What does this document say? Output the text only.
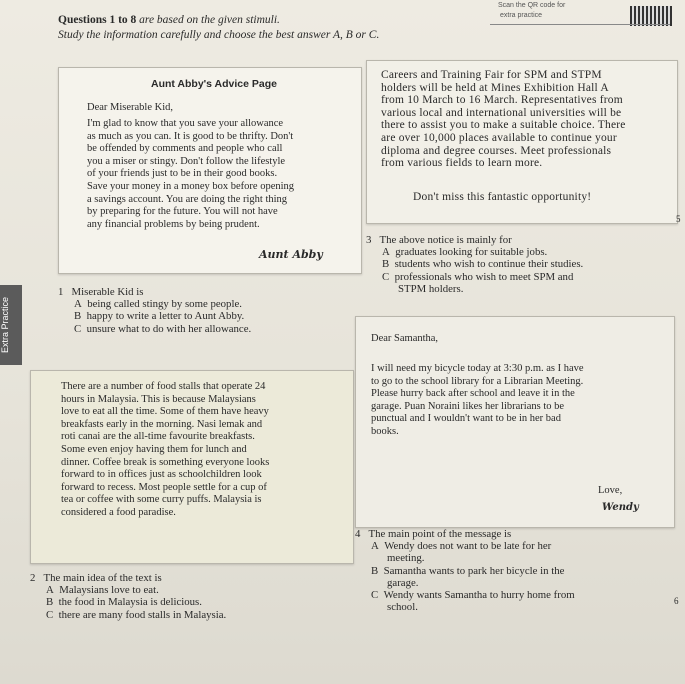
Scan the QR code for
extra practice
Questions 1 to 8 are based on the given stimuli.
Study the information carefully and choose the best answer A, B or C.
Extra Practice
Aunt Abby's Advice Page
Dear Miserable Kid,
I'm glad to know that you save your allowance
as much as you can. It is good to be thrifty. Don't
be offended by comments and people who call
you a miser or stingy. Don't follow the lifestyle
of your friends just to be in their good books.
Save your money in a money box before opening
a savings account. You are doing the right thing
by preparing for the future. You will not have
any financial problems by being prudent.
Aunt Abby
Careers and Training Fair for SPM and STPM
holders will be held at Mines Exhibition Hall A
from 10 March to 16 March. Representatives from
various local and international universities will be
there to assist you to make a suitable choice. There
are over 10,000 places available to continue your
diploma and degree courses. Meet professionals
from various fields to learn more.
Don't miss this fantastic opportunity!
1 Miserable Kid is
A being called stingy by some people.
B happy to write a letter to Aunt Abby.
C unsure what to do with her allowance.
There are a number of food stalls that operate 24
hours in Malaysia. This is because Malaysians
love to eat all the time. Some of them have heavy
breakfasts early in the morning. Nasi lemak and
roti canai are the all-time favourite breakfasts.
Some even enjoy having them for lunch and
dinner. Coffee break is something everyone looks
forward to in offices just as schoolchildren look
forward to recess. Most people settle for a cup of
tea or coffee with some curry puffs. Malaysia is
considered a food paradise.
2 The main idea of the text is
A Malaysians love to eat.
B the food in Malaysia is delicious.
C there are many food stalls in Malaysia.
3 The above notice is mainly for
A graduates looking for suitable jobs.
B students who wish to continue their studies.
C professionals who wish to meet SPM and
STPM holders.
5
Dear Samantha,
I will need my bicycle today at 3:30 p.m. as I have
to go to the school library for a Librarian Meeting.
Please hurry back after school and leave it in the
garage. Puan Noraini likes her librarians to be
punctual and I wouldn't want to be in her bad
books.
Love,
Wendy
4 The main point of the message is
A Wendy does not want to be late for her
meeting.
B Samantha wants to park her bicycle in the
garage.
C Wendy wants Samantha to hurry home from
school.
6
